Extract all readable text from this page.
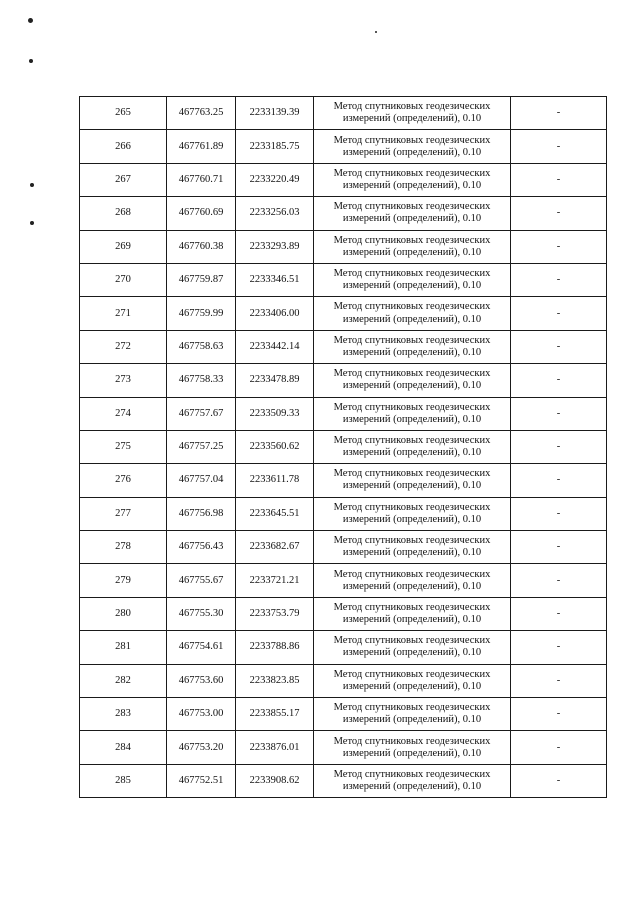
265	467763.25	2233139.39	Метод спутниковых геодезических
измерений (определений), 0.10	-
266	467761.89	2233185.75	Метод спутниковых геодезических
измерений (определений), 0.10	-
267	467760.71	2233220.49	Метод спутниковых геодезических
измерений (определений), 0.10	-
268	467760.69	2233256.03	Метод спутниковых геодезических
измерений (определений), 0.10	-
269	467760.38	2233293.89	Метод спутниковых геодезических
измерений (определений), 0.10	-
270	467759.87	2233346.51	Метод спутниковых геодезических
измерений (определений), 0.10	-
271	467759.99	2233406.00	Метод спутниковых геодезических
измерений (определений), 0.10	-
272	467758.63	2233442.14	Метод спутниковых геодезических
измерений (определений), 0.10	-
273	467758.33	2233478.89	Метод спутниковых геодезических
измерений (определений), 0.10	-
274	467757.67	2233509.33	Метод спутниковых геодезических
измерений (определений), 0.10	-
275	467757.25	2233560.62	Метод спутниковых геодезических
измерений (определений), 0.10	-
276	467757.04	2233611.78	Метод спутниковых геодезических
измерений (определений), 0.10	-
277	467756.98	2233645.51	Метод спутниковых геодезических
измерений (определений), 0.10	-
278	467756.43	2233682.67	Метод спутниковых геодезических
измерений (определений), 0.10	-
279	467755.67	2233721.21	Метод спутниковых геодезических
измерений (определений), 0.10	-
280	467755.30	2233753.79	Метод спутниковых геодезических
измерений (определений), 0.10	-
281	467754.61	2233788.86	Метод спутниковых геодезических
измерений (определений), 0.10	-
282	467753.60	2233823.85	Метод спутниковых геодезических
измерений (определений), 0.10	-
283	467753.00	2233855.17	Метод спутниковых геодезических
измерений (определений), 0.10	-
284	467753.20	2233876.01	Метод спутниковых геодезических
измерений (определений), 0.10	-
285	467752.51	2233908.62	Метод спутниковых геодезических
измерений (определений), 0.10	-
